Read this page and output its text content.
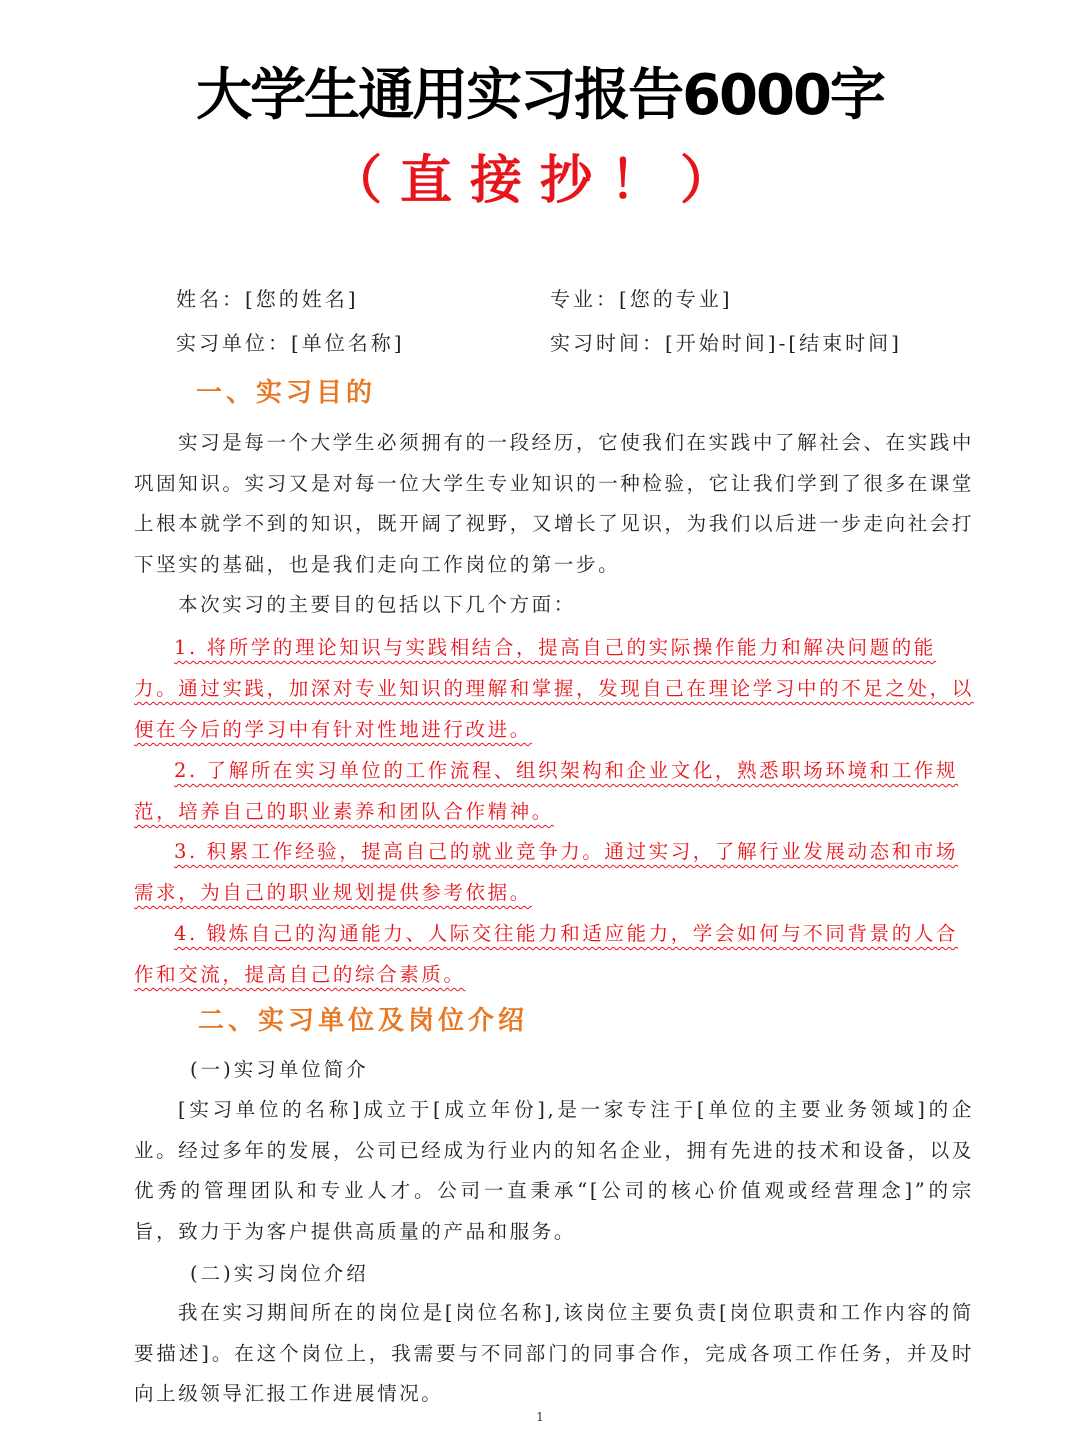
大学生通用实习报告6000字
（直接抄！）
姓名：[您的姓名]	专业：[您的专业]
实习单位：[单位名称]	实习时间：[开始时间]-[结束时间]
一、实习目的

实习是每一个大学生必须拥有的一段经历，它使我们在实践中了解社会、在实践中巩固知识。实习又是对每一位大学生专业知识的一种检验，它让我们学到了很多在课堂上根本就学不到的知识，既开阔了视野，又增长了见识，为我们以后进一步走向社会打下坚实的基础，也是我们走向工作岗位的第一步。

本次实习的主要目的包括以下几个方面：

1. 将所学的理论知识与实践相结合，提高自己的实际操作能力和解决问题的能力。通过实践，加深对专业知识的理解和掌握，发现自己在理论学习中的不足之处，以便在今后的学习中有针对性地进行改进。

2. 了解所在实习单位的工作流程、组织架构和企业文化，熟悉职场环境和工作规范，培养自己的职业素养和团队合作精神。

3. 积累工作经验，提高自己的就业竞争力。通过实习，了解行业发展动态和市场需求，为自己的职业规划提供参考依据。

4. 锻炼自己的沟通能力、人际交往能力和适应能力，学会如何与不同背景的人合作和交流，提高自己的综合素质。

二、实习单位及岗位介绍
(一)实习单位简介

[实习单位的名称]成立于[成立年份],是一家专注于[单位的主要业务领域]的企业。经过多年的发展，公司已经成为行业内的知名企业，拥有先进的技术和设备，以及优秀的管理团队和专业人才。公司一直秉承“[公司的核心价值观或经营理念]”的宗旨，致力于为客户提供高质量的产品和服务。

(二)实习岗位介绍

我在实习期间所在的岗位是[岗位名称],该岗位主要负责[岗位职责和工作内容的简要描述]。在这个岗位上，我需要与不同部门的同事合作，完成各项工作任务，并及时向上级领导汇报工作进展情况。

1
